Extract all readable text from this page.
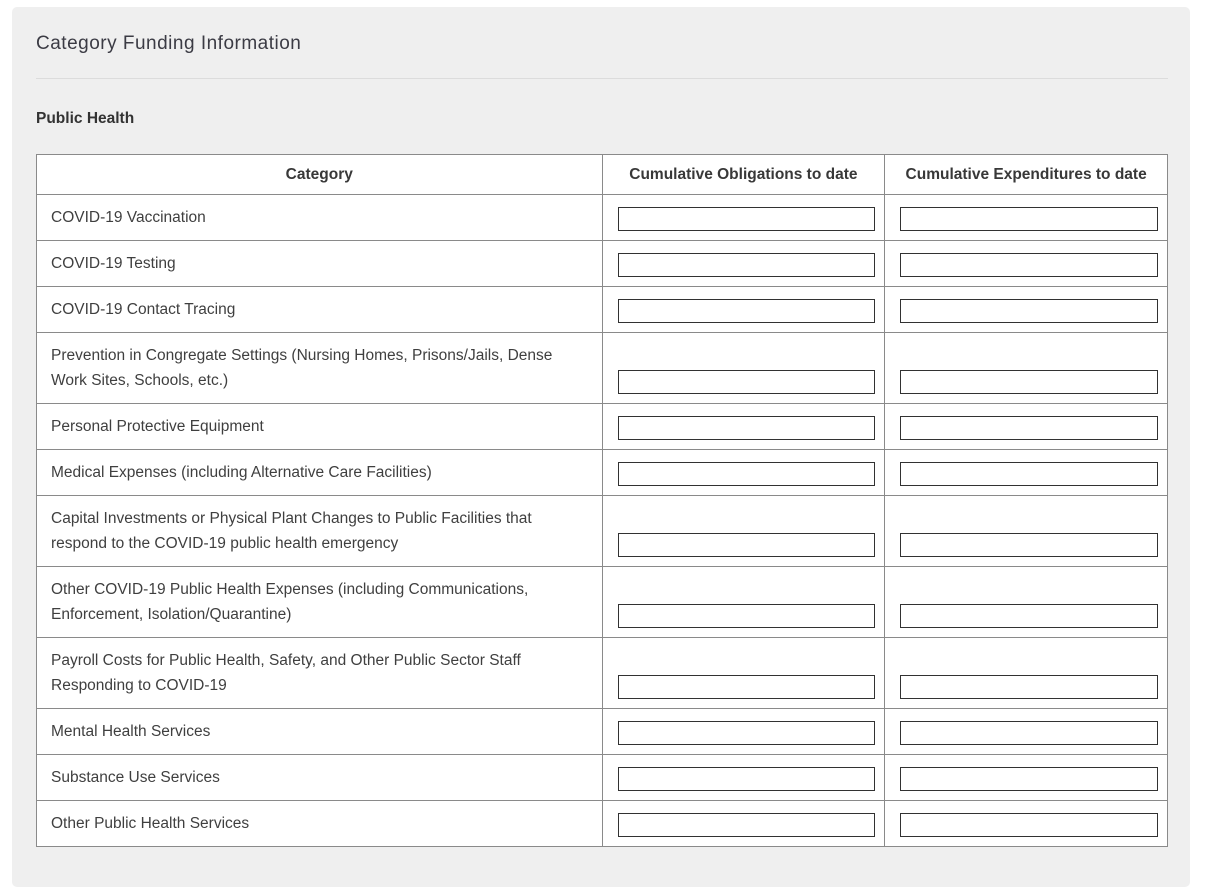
Category Funding Information
Public Health
Category	Cumulative Obligations to date	Cumulative Expenditures to date
COVID-19 Vaccination	

COVID-19 Testing	

COVID-19 Contact Tracing	

Prevention in Congregate Settings (Nursing Homes, Prisons/Jails, Dense Work Sites, Schools, etc.)	

Personal Protective Equipment	

Medical Expenses (including Alternative Care Facilities)	

Capital Investments or Physical Plant Changes to Public Facilities that respond to the COVID-19 public health emergency	

Other COVID-19 Public Health Expenses (including Communications, Enforcement, Isolation/Quarantine)	

Payroll Costs for Public Health, Safety, and Other Public Sector Staff Responding to COVID-19	

Mental Health Services	

Substance Use Services	

Other Public Health Services	
